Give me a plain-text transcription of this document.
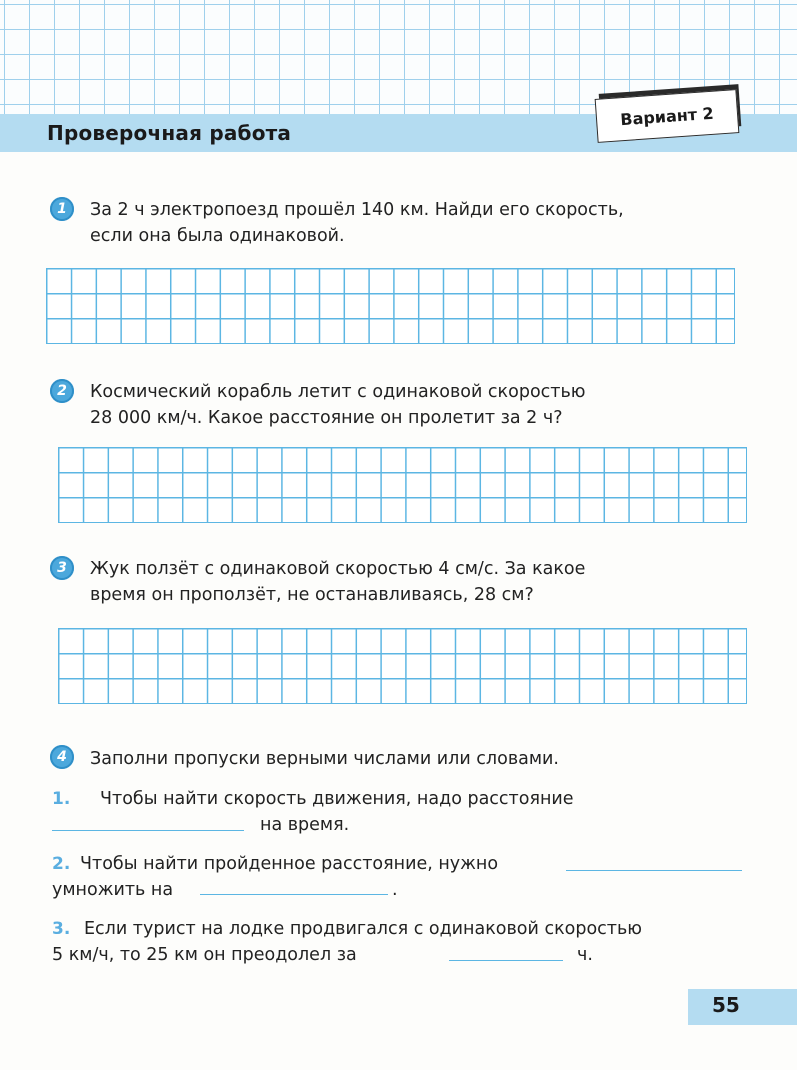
Проверочная работа
Вариант 2
1 За 2 ч электропоезд прошёл 140 км. Найди его скорость,
если она была одинаковой.
2 Космический корабль летит с одинаковой скоростью
28 000 км/ч. Какое расстояние он пролетит за 2 ч?
3 Жук ползёт с одинаковой скоростью 4 см/с. За какое
время он проползёт, не останавливаясь, 28 см?
4 Заполни пропуски верными числами или словами.
1. Чтобы найти скорость движения, надо расстояние
на время.
2. Чтобы найти пройденное расстояние, нужно
умножить на	.
3. Если турист на лодке продвигался с одинаковой скоростью
5 км/ч, то 25 км он преодолел за	ч.
55
